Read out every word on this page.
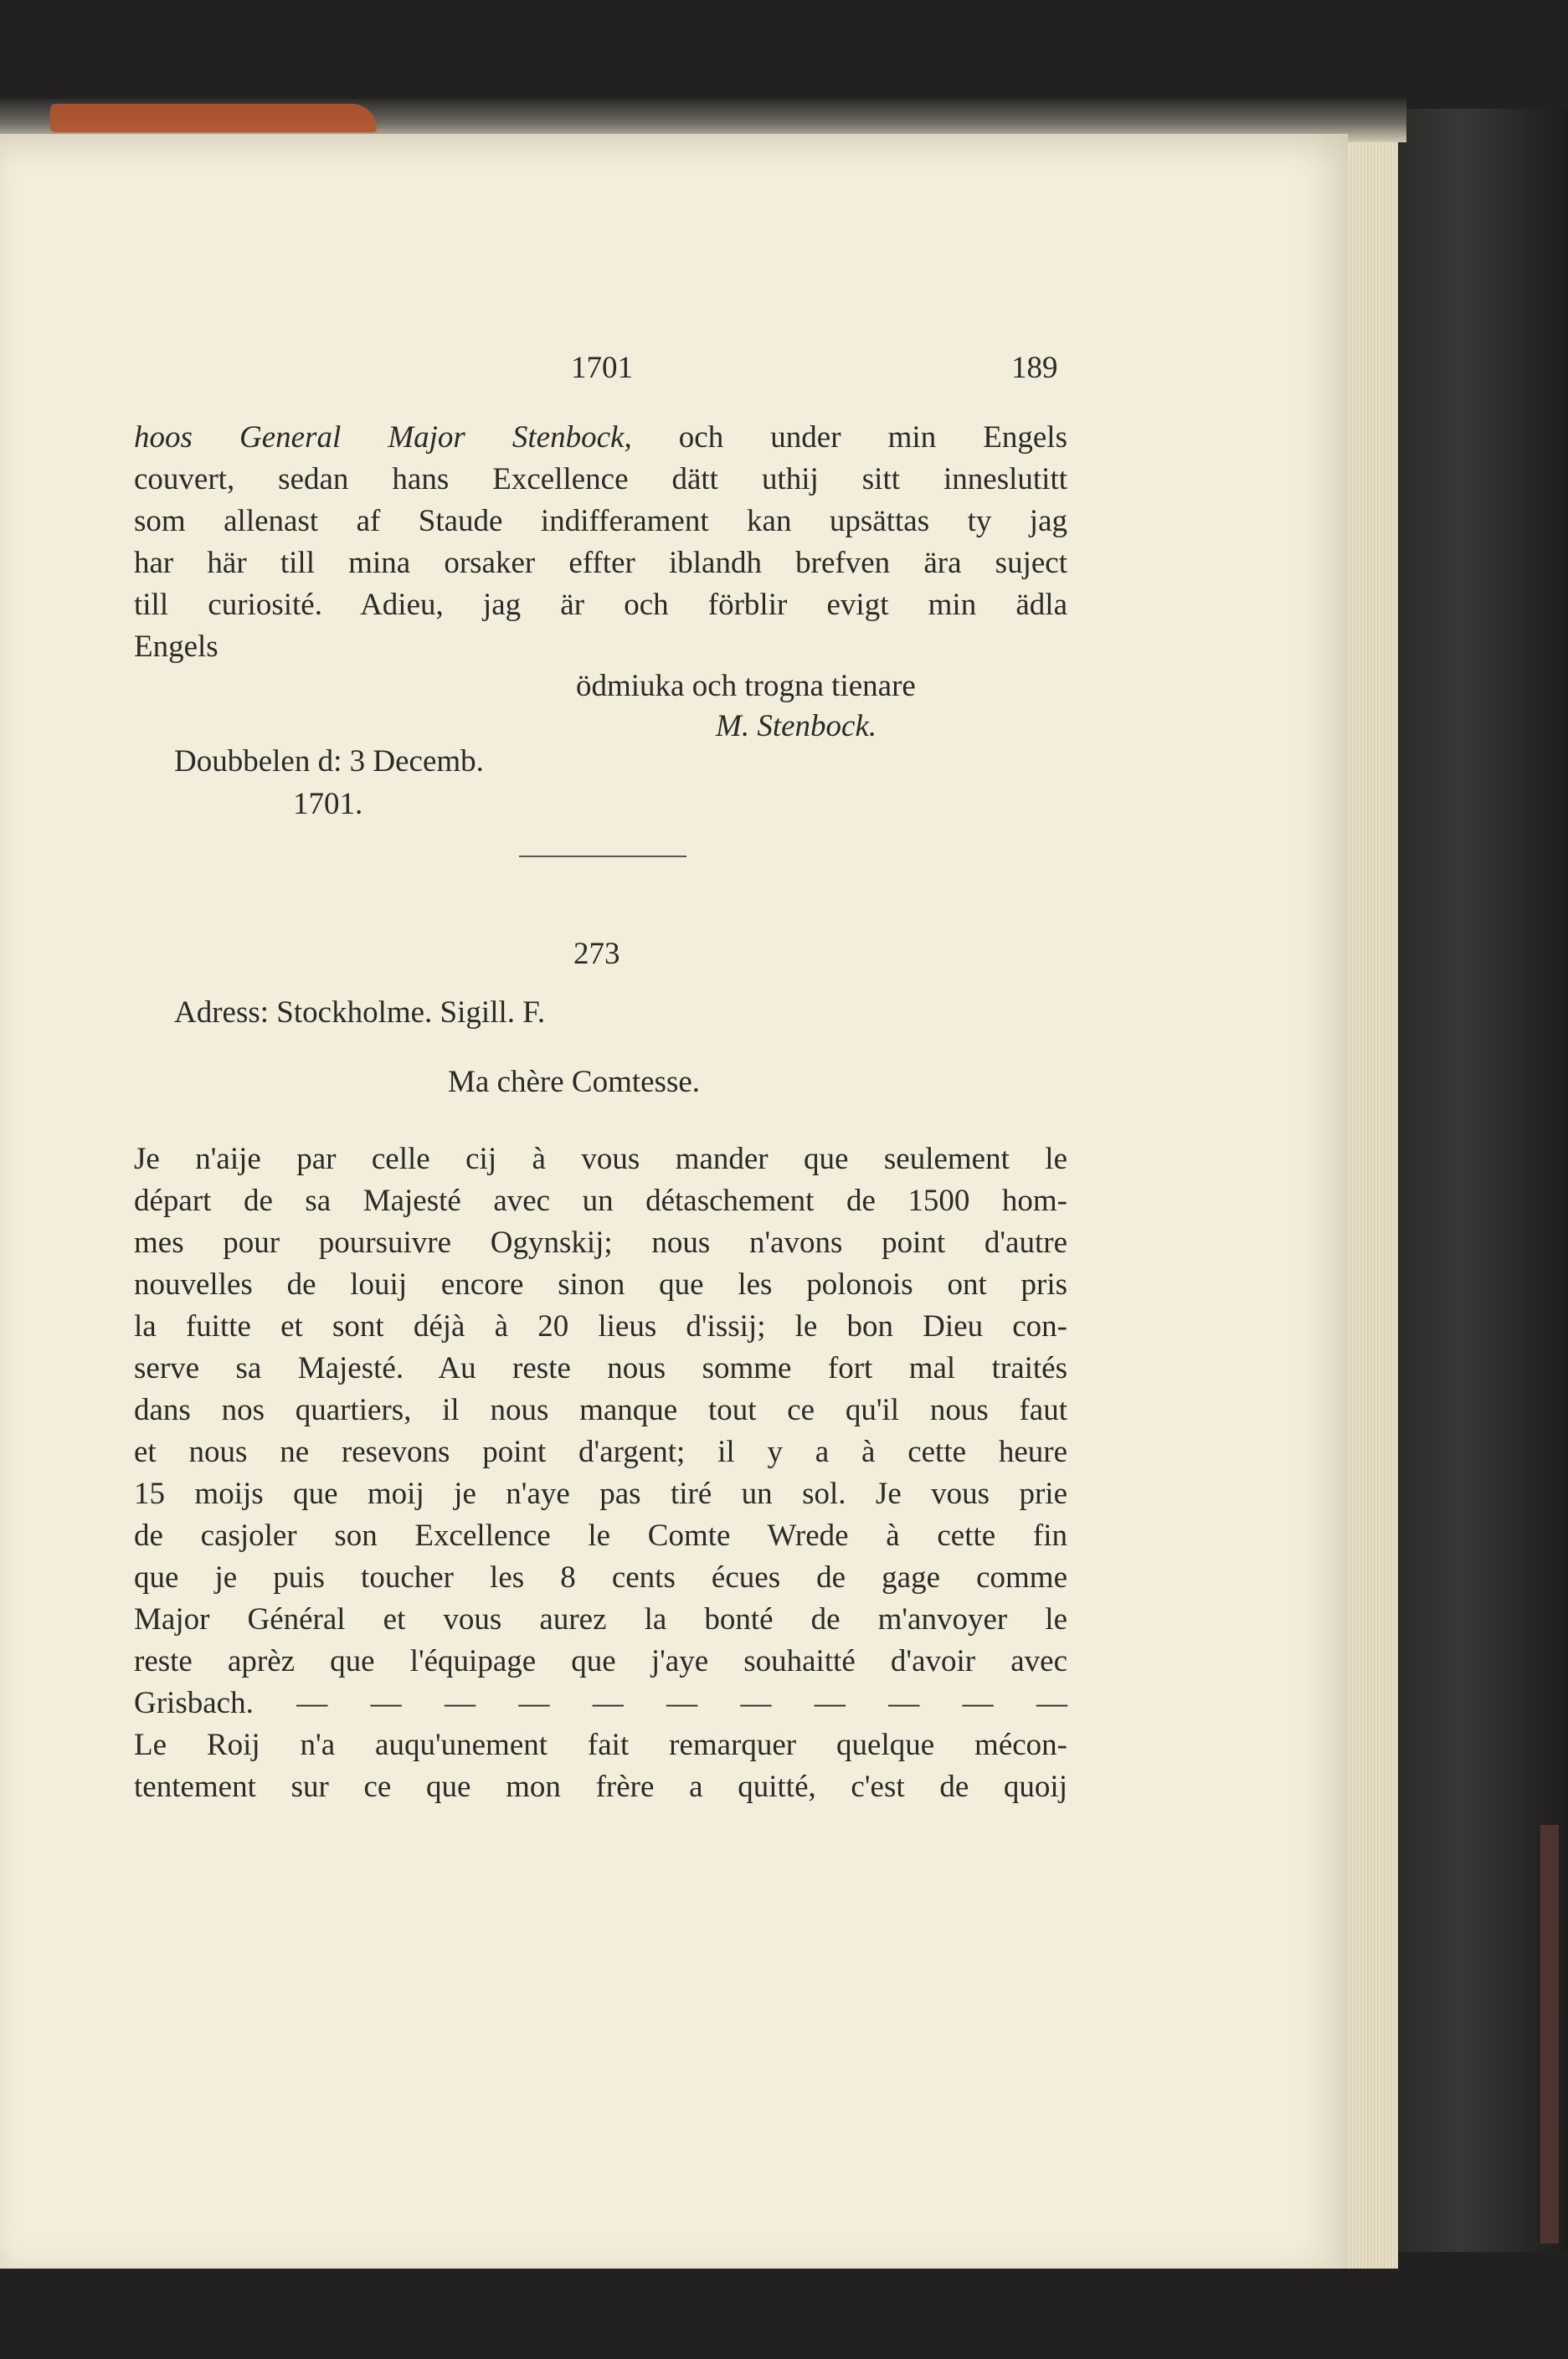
1701	189
hoos General Major Stenbock, och under min Engels
couvert, sedan hans Excellence dätt uthij sitt inneslutitt
som allenast af Staude indifferament kan upsättas ty jag
har här till mina orsaker effter iblandh brefven ära suject
till curiosité. Adieu, jag är och förblir evigt min ädla
Engels
ödmiuka och trogna tienare
M. Stenbock.
Doubbelen d: 3 Decemb.
1701.
273
Adress: Stockholme. Sigill. F.
Ma chère Comtesse.
Je n'aije par celle cij à vous mander que seulement le
départ de sa Majesté avec un détaschement de 1500 hom-
mes pour poursuivre Ogynskij; nous n'avons point d'autre
nouvelles de louij encore sinon que les polonois ont pris
la fuitte et sont déjà à 20 lieus d'issij; le bon Dieu con-
serve sa Majesté. Au reste nous somme fort mal traités
dans nos quartiers, il nous manque tout ce qu'il nous faut
et nous ne resevons point d'argent; il y a à cette heure
15 moijs que moij je n'aye pas tiré un sol. Je vous prie
de casjoler son Excellence le Comte Wrede à cette fin
que je puis toucher les 8 cents écues de gage comme
Major Général et vous aurez la bonté de m'anvoyer le
reste aprèz que l'équipage que j'aye souhaitté d'avoir avec
Grisbach. — — — — — — — — — — —
Le Roij n'a auqu'unement fait remarquer quelque mécon-
tentement sur ce que mon frère a quitté, c'est de quoij
